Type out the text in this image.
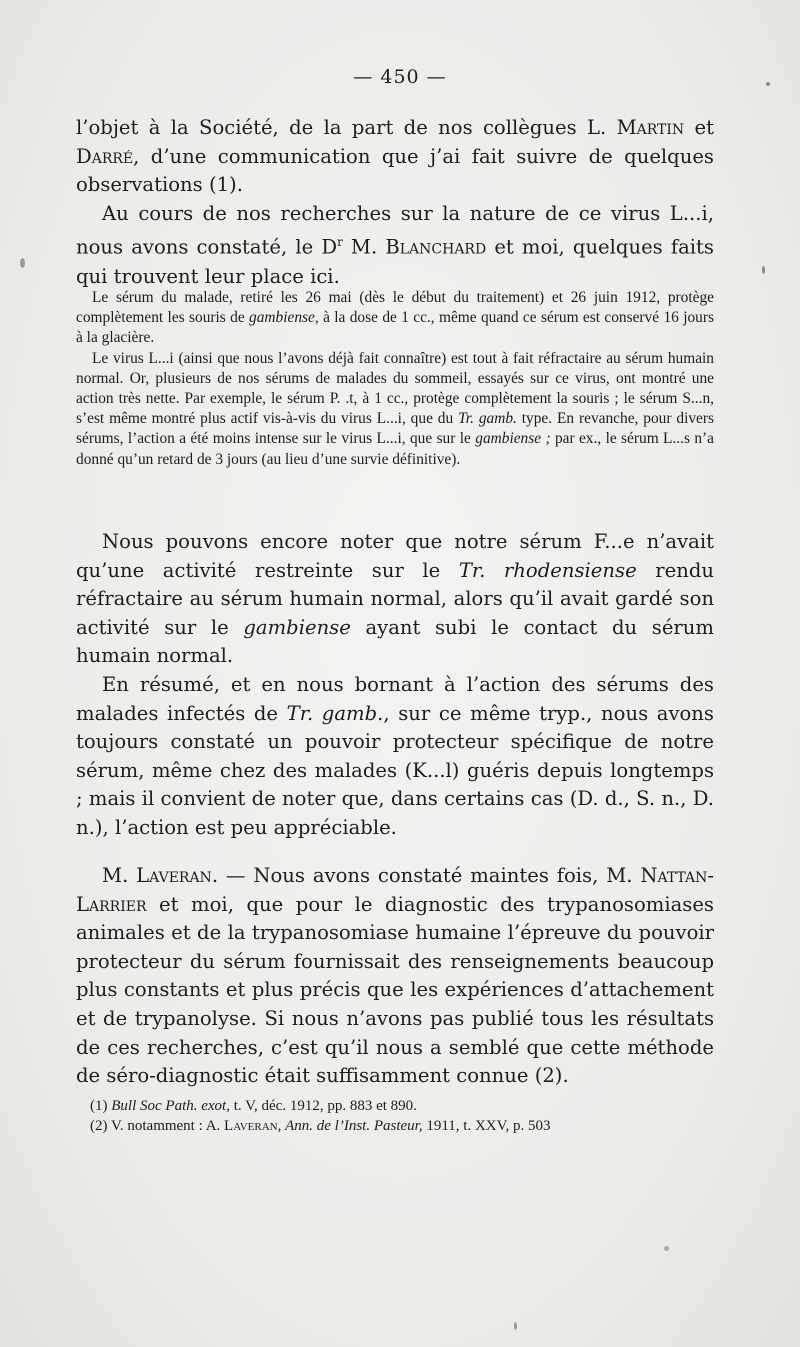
— 450 —

l’objet à la Société, de la part de nos collègues L. Martin et Darré, d’une communication que j’ai fait suivre de quelques observations (1).

Au cours de nos recherches sur la nature de ce virus L...i, nous avons constaté, le $D^r$ M. Blanchard et moi, quelques faits qui trouvent leur place ici.

Le sérum du malade, retiré les 26 mai (dès le début du traitement) et 26 juin 1912, protège complètement les souris de gambiense, à la dose de 1 cc., même quand ce sérum est conservé 16 jours à la glacière.

Le virus L...i (ainsi que nous l’avons déjà fait connaître) est tout à fait réfractaire au sérum humain normal. Or, plusieurs de nos sérums de malades du sommeil, essayés sur ce virus, ont montré une action très nette. Par exemple, le sérum P. .t, à 1 cc., protège complètement la souris ; le sérum S...n, s’est même montré plus actif vis-à-vis du virus L...i, que du Tr. gamb. type. En revanche, pour divers sérums, l’action a été moins intense sur le virus L...i, que sur le gambiense ; par ex., le sérum L...s n’a donné qu’un retard de 3 jours (au lieu d’une survie définitive).

Nous pouvons encore noter que notre sérum F...e n’avait qu’une activité restreinte sur le Tr. rhodensiense rendu réfractaire au sérum humain normal, alors qu’il avait gardé son activité sur le gambiense ayant subi le contact du sérum humain normal.

En résumé, et en nous bornant à l’action des sérums des malades infectés de Tr. gamb., sur ce même tryp., nous avons toujours constaté un pouvoir protecteur spécifique de notre sérum, même chez des malades (K...l) guéris depuis longtemps ; mais il convient de noter que, dans certains cas (D. d., S. n., D. n.), l’action est peu appréciable.

M. Laveran. — Nous avons constaté maintes fois, M. Nattan-Larrier et moi, que pour le diagnostic des trypanosomiases animales et de la trypanosomiase humaine l’épreuve du pouvoir protecteur du sérum fournissait des renseignements beaucoup plus constants et plus précis que les expériences d’attachement et de trypanolyse. Si nous n’avons pas publié tous les résultats de ces recherches, c’est qu’il nous a semblé que cette méthode de séro-diagnostic était suffisamment connue (2).

(1) Bull Soc Path. exot, t. V, déc. 1912, pp. 883 et 890.

(2) V. notamment : A. Laveran, Ann. de l’Inst. Pasteur, 1911, t. XXV, p. 503
